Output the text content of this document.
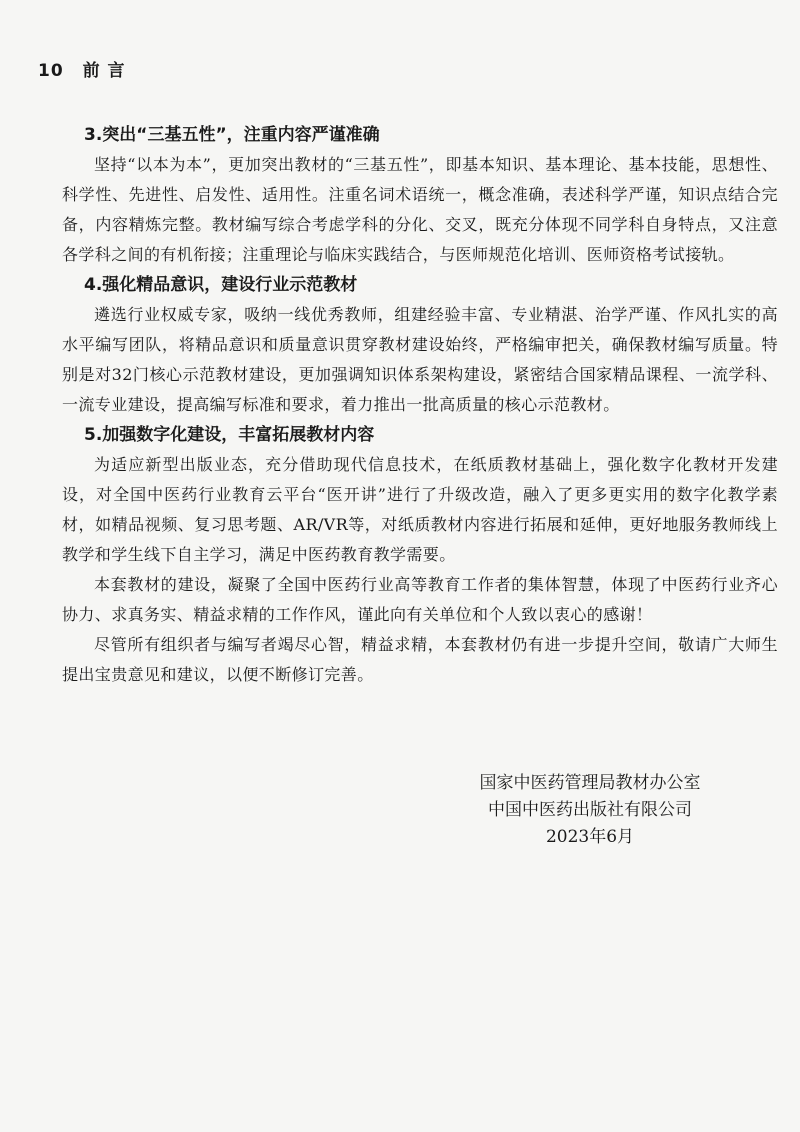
10 前 言
3.突出“三基五性”，注重内容严谨准确

坚持“以本为本”，更加突出教材的“三基五性”，即基本知识、基本理论、基本技能，思想性、科学性、先进性、启发性、适用性。注重名词术语统一，概念准确，表述科学严谨，知识点结合完备，内容精炼完整。教材编写综合考虑学科的分化、交叉，既充分体现不同学科自身特点，又注意各学科之间的有机衔接；注重理论与临床实践结合，与医师规范化培训、医师资格考试接轨。

4.强化精品意识，建设行业示范教材

遴选行业权威专家，吸纳一线优秀教师，组建经验丰富、专业精湛、治学严谨、作风扎实的高水平编写团队，将精品意识和质量意识贯穿教材建设始终，严格编审把关，确保教材编写质量。特别是对32门核心示范教材建设，更加强调知识体系架构建设，紧密结合国家精品课程、一流学科、一流专业建设，提高编写标准和要求，着力推出一批高质量的核心示范教材。

5.加强数字化建设，丰富拓展教材内容

为适应新型出版业态，充分借助现代信息技术，在纸质教材基础上，强化数字化教材开发建设，对全国中医药行业教育云平台“医开讲”进行了升级改造，融入了更多更实用的数字化教学素材，如精品视频、复习思考题、AR/VR等，对纸质教材内容进行拓展和延伸，更好地服务教师线上教学和学生线下自主学习，满足中医药教育教学需要。

本套教材的建设，凝聚了全国中医药行业高等教育工作者的集体智慧，体现了中医药行业齐心协力、求真务实、精益求精的工作作风，谨此向有关单位和个人致以衷心的感谢！

尽管所有组织者与编写者竭尽心智，精益求精，本套教材仍有进一步提升空间，敬请广大师生提出宝贵意见和建议，以便不断修订完善。

国家中医药管理局教材办公室
中国中医药出版社有限公司
2023年6月
